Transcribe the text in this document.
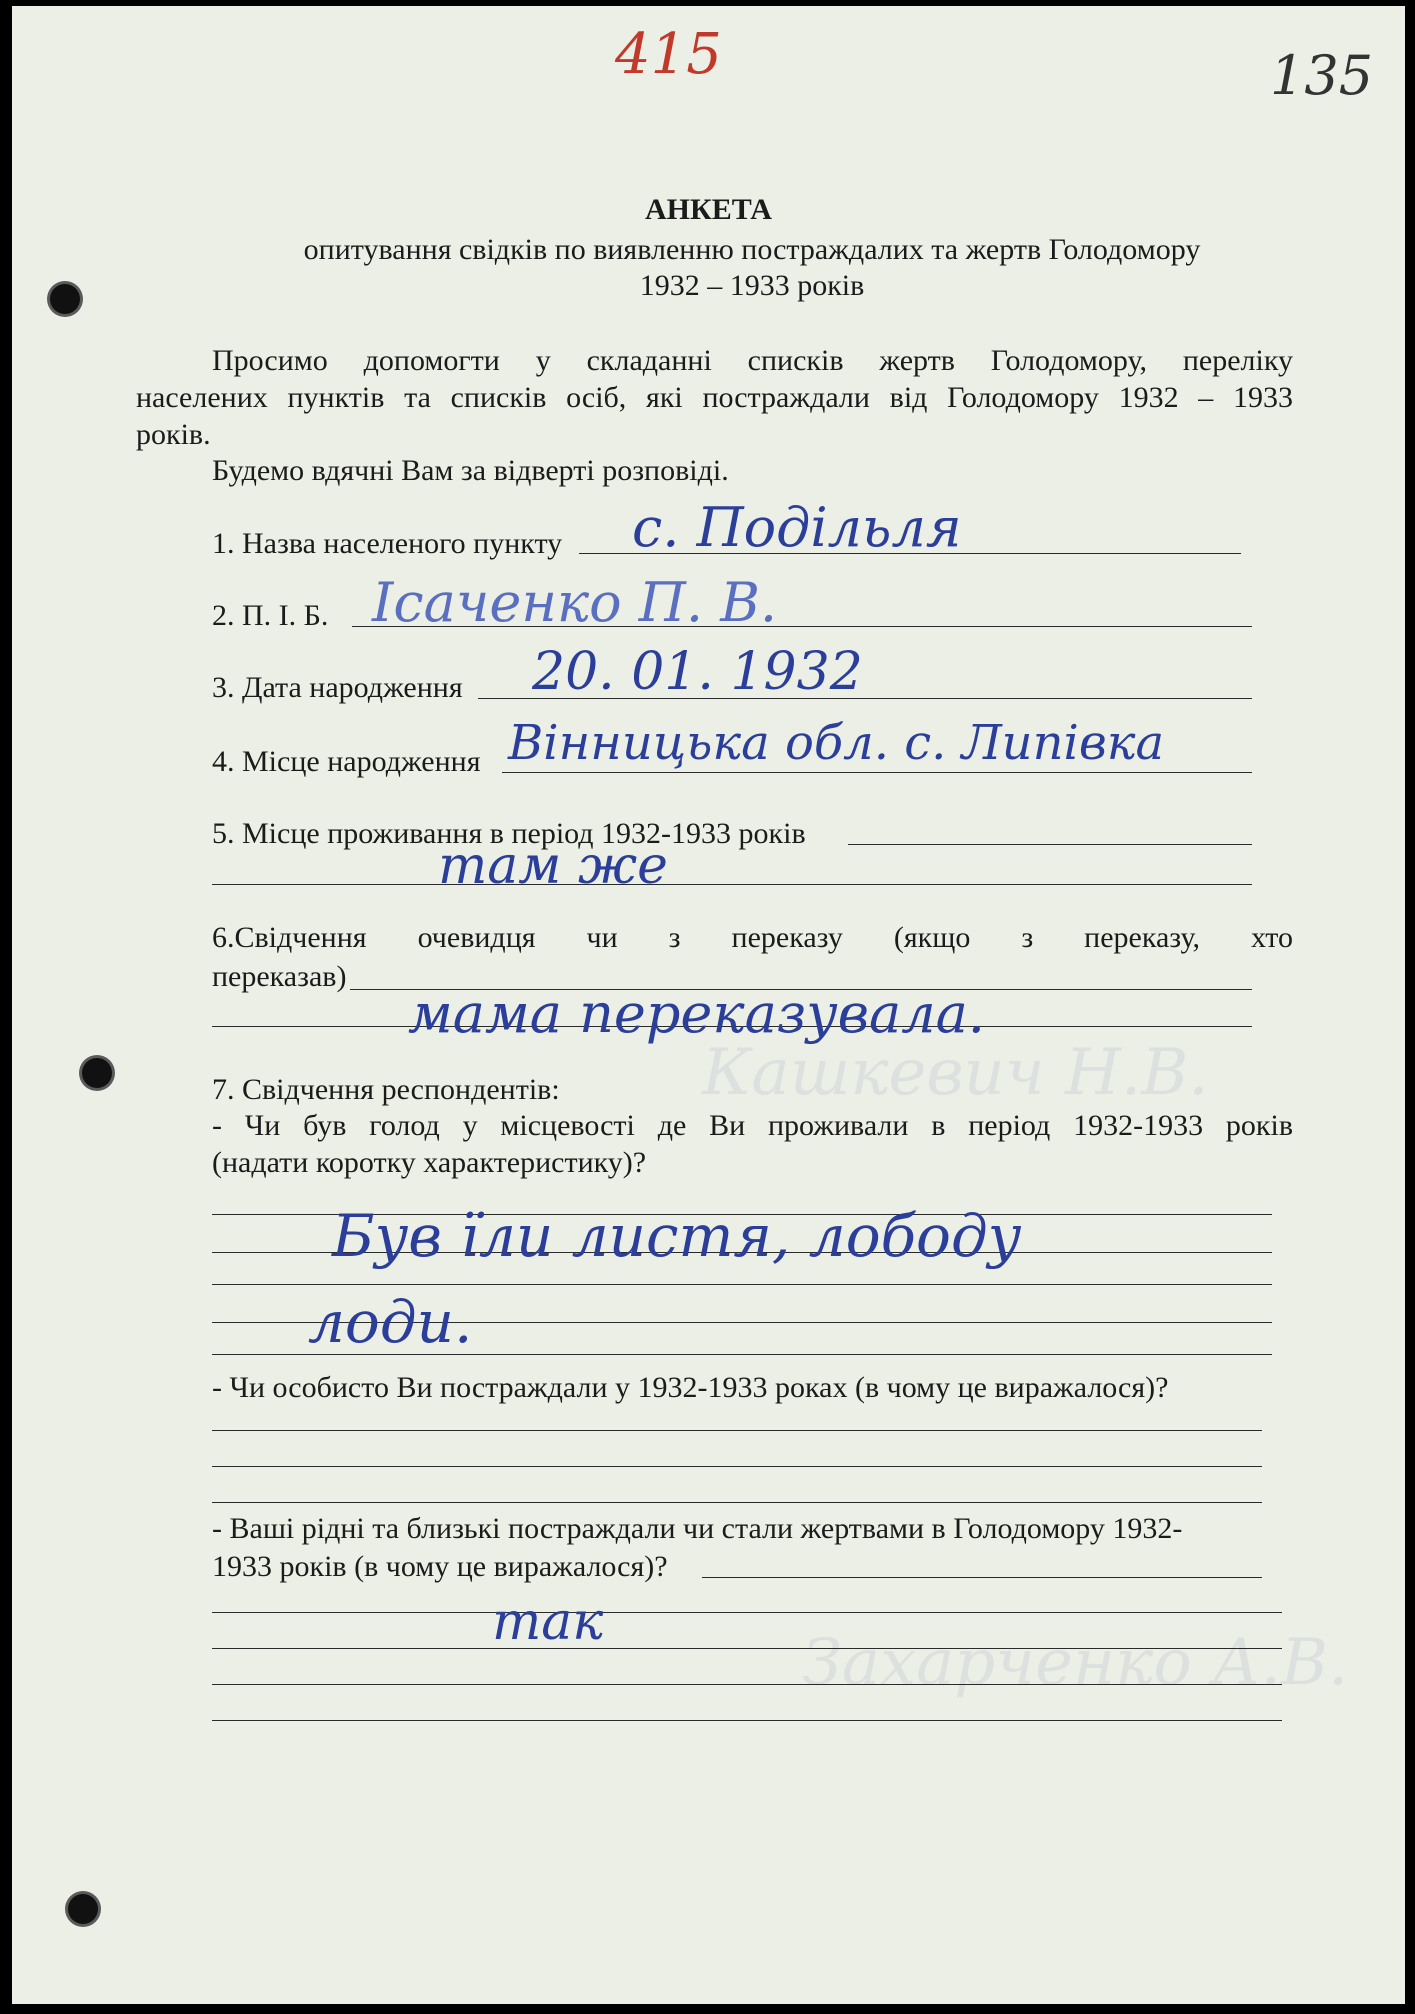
415	135
Кашкевич Н.В.
Захарченко А.В.
АНКЕТА
опитування свідків по виявленню постраждалих та жертв Голодомору
1932 – 1933 років
Просимо допомогти у складанні списків жертв Голодомору, переліку
населених пунктів та списків осіб, які постраждали від Голодомору 1932 – 1933
років.
Будемо вдячні Вам за відверті розповіді.
1. Назва населеного пункту с. Подільля
2. П. І. Б. Ісаченко П. В.
3. Дата народження 20. 01. 1932
4. Місце народження Вінницька обл. с. Липівка
5. Місце проживання в період 1932-1933 років
там же
6.Свідчення очевидця чи з переказу (якщо з переказу, хто
переказав)
мама переказувала.
7. Свідчення респондентів:
- Чи був голод у місцевості де Ви проживали в період 1932-1933 років
(надати коротку характеристику)?
Був їли листя, лободу
лоди.
- Чи особисто Ви постраждали у 1932-1933 роках (в чому це виражалося)?
- Ваші рідні та близькі постраждали чи стали жертвами в Голодомору 1932-
1933 років (в чому це виражалося)?
так
